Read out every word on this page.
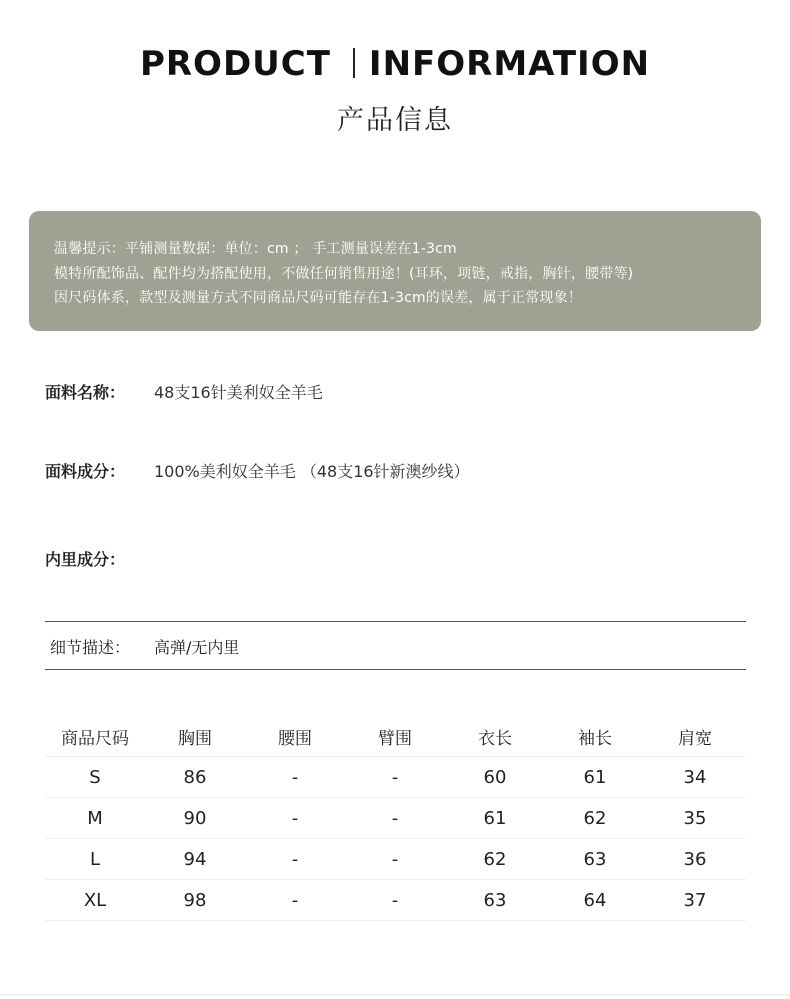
PRODUCT INFORMATION
产品信息
温馨提示：平铺测量数据：单位：cm ； 手工测量误差在1-3cm
模特所配饰品、配件均为搭配使用，不做任何销售用途！(耳环，项链，戒指，胸针，腰带等)
因尺码体系，款型及测量方式不同商品尺码可能存在1-3cm的误差，属于正常现象！
面料名称： 48支16针美利奴全羊毛
面料成分： 100%美利奴全羊毛 （48支16针新澳纱线）
内里成分：
细节描述： 高弹/无内里
商品尺码	胸围	腰围	臂围	衣长	袖长	肩宽
S	86	-	-	60	61	34
M	90	-	-	61	62	35
L	94	-	-	62	63	36
XL	98	-	-	63	64	37
